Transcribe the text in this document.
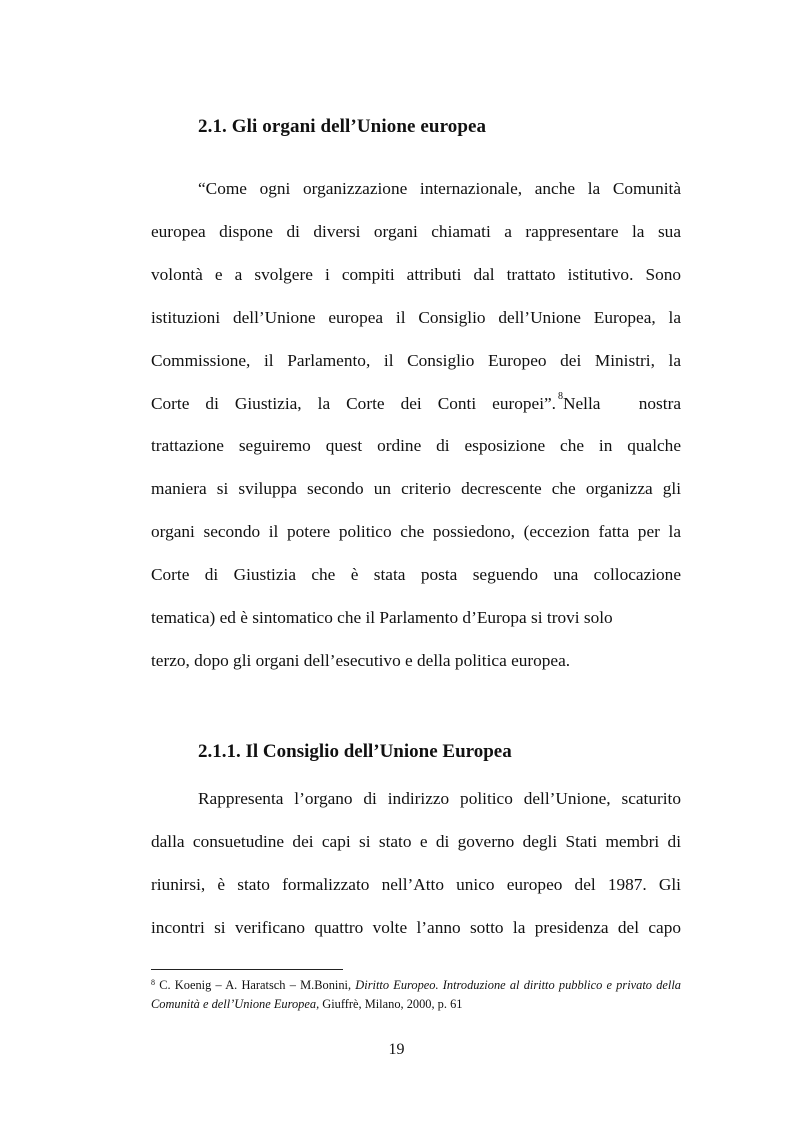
2.1. Gli organi dell’Unione europea
“Come ogni organizzazione internazionale, anche la Comunità
europea dispone di diversi organi chiamati a rappresentare la sua
volontà e a svolgere i compiti attributi dal trattato istitutivo. Sono
istituzioni dell’Unione europea il Consiglio dell’Unione Europea, la
Commissione, il Parlamento, il Consiglio Europeo dei Ministri, la
Corte di Giustizia, la Corte dei Conti europei”.$^8$ Nella nostra
trattazione seguiremo quest ordine di esposizione che in qualche
maniera si sviluppa secondo un criterio decrescente che organizza gli
organi secondo il potere politico che possiedono, (eccezion fatta per la
Corte di Giustizia che è stata posta seguendo una collocazione
tematica) ed è sintomatico che il Parlamento d’Europa si trovi solo
terzo, dopo gli organi dell’esecutivo e della politica europea.
2.1.1. Il Consiglio dell’Unione Europea
Rappresenta l’organo di indirizzo politico dell’Unione, scaturito
dalla consuetudine dei capi si stato e di governo degli Stati membri di
riunirsi, è stato formalizzato nell’Atto unico europeo del 1987. Gli
incontri si verificano quattro volte l’anno sotto la presidenza del capo
$^8$ C. Koenig – A. Haratsch – M.Bonini, Diritto Europeo. Introduzione al diritto pubblico e privato della Comunità e dell’Unione Europea, Giuffrè, Milano, 2000, p. 61
19
